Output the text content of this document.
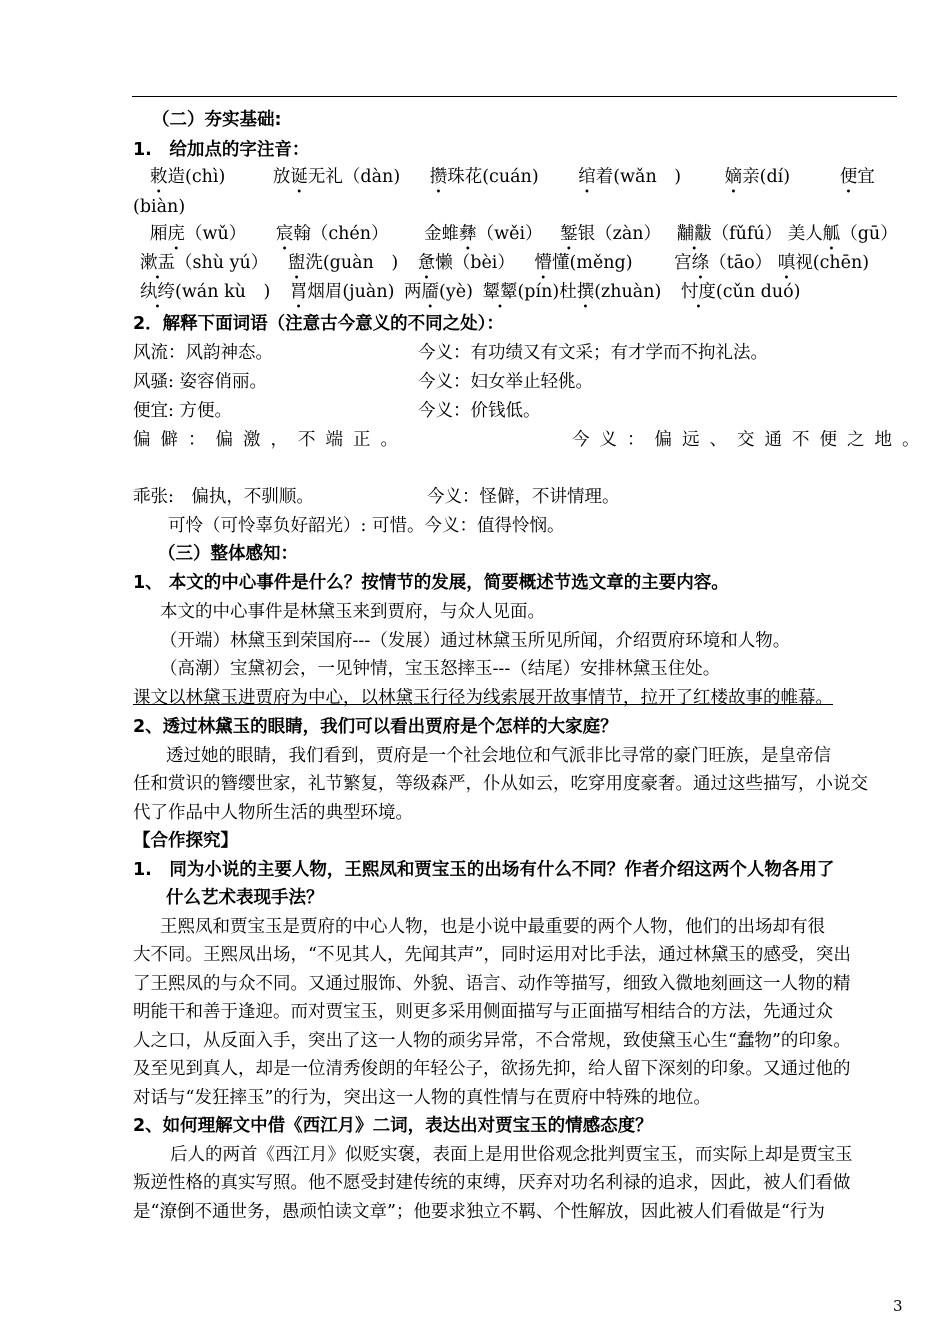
（二）夯实基础:
1.　给加点的字注音：
敕造(chì)	放诞无礼（dàn) 攒珠花(cuán) 绾着(wǎn　) 嫡亲(dí)	便宜
(biàn)
厢庑（wǔ） 宸翰（chén） 金蜼彝（wěi） 錾银（zàn） 黼黻（fǔfú） 美人觚（gū）
漱盂（shù yú） 盥洗(guàn　) 惫懒（bèi） 懵懂(měng) 宫绦（tāo） 嗔视(chēn)
纨绔(wán kù　) 罥烟眉(juàn) 两靥(yè) 颦颦(pín)杜撰(zhuàn) 忖度(cǔn duó)
2．解释下面词语（注意古今意义的不同之处）：
风流：风韵神态。	今义：有功绩又有文采；有才学而不拘礼法。
风骚: 姿容俏丽。	今义：妇女举止轻佻。
便宜: 方便。	今义：价钱低。
偏僻：偏激，不端正。	今义：偏远、交通不便之地。
乖张:　偏执，不驯顺。	今义：怪僻，不讲情理。
可怜（可怜辜负好韶光）: 可惜。今义：值得怜悯。
（三）整体感知：
1、 本文的中心事件是什么？按情节的发展，简要概述节选文章的主要内容。
本文的中心事件是林黛玉来到贾府，与众人见面。
（开端）林黛玉到荣国府---（发展）通过林黛玉所见所闻，介绍贾府环境和人物。
（高潮）宝黛初会，一见钟情，宝玉怒摔玉---（结尾）安排林黛玉住处。
课文以林黛玉进贾府为中心，以林黛玉行径为线索展开故事情节，拉开了红楼故事的帷幕。
2、透过林黛玉的眼睛，我们可以看出贾府是个怎样的大家庭？
透过她的眼睛，我们看到，贾府是一个社会地位和气派非比寻常的豪门旺族，是皇帝信
任和赏识的簪缨世家，礼节繁复，等级森严，仆从如云，吃穿用度豪奢。通过这些描写，小说交
代了作品中人物所生活的典型环境。
【合作探究】
1.　同为小说的主要人物，王熙凤和贾宝玉的出场有什么不同？作者介绍这两个人物各用了
什么艺术表现手法？
王熙凤和贾宝玉是贾府的中心人物，也是小说中最重要的两个人物，他们的出场却有很
大不同。王熙凤出场，“不见其人，先闻其声”，同时运用对比手法，通过林黛玉的感受，突出
了王熙凤的与众不同。又通过服饰、外貌、语言、动作等描写，细致入微地刻画这一人物的精
明能干和善于逢迎。而对贾宝玉，则更多采用侧面描写与正面描写相结合的方法，先通过众
人之口，从反面入手，突出了这一人物的顽劣异常，不合常规，致使黛玉心生“蠢物”的印象。
及至见到真人，却是一位清秀俊朗的年轻公子，欲扬先抑，给人留下深刻的印象。又通过他的
对话与“发狂摔玉”的行为，突出这一人物的真性情与在贾府中特殊的地位。
2、如何理解文中借《西江月》二词，表达出对贾宝玉的情感态度？
后人的两首《西江月》似贬实褒，表面上是用世俗观念批判贾宝玉，而实际上却是贾宝玉
叛逆性格的真实写照。他不愿受封建传统的束缚，厌弃对功名利禄的追求，因此，被人们看做
是“潦倒不通世务，愚顽怕读文章”；他要求独立不羁、个性解放，因此被人们看做是“行为
3
